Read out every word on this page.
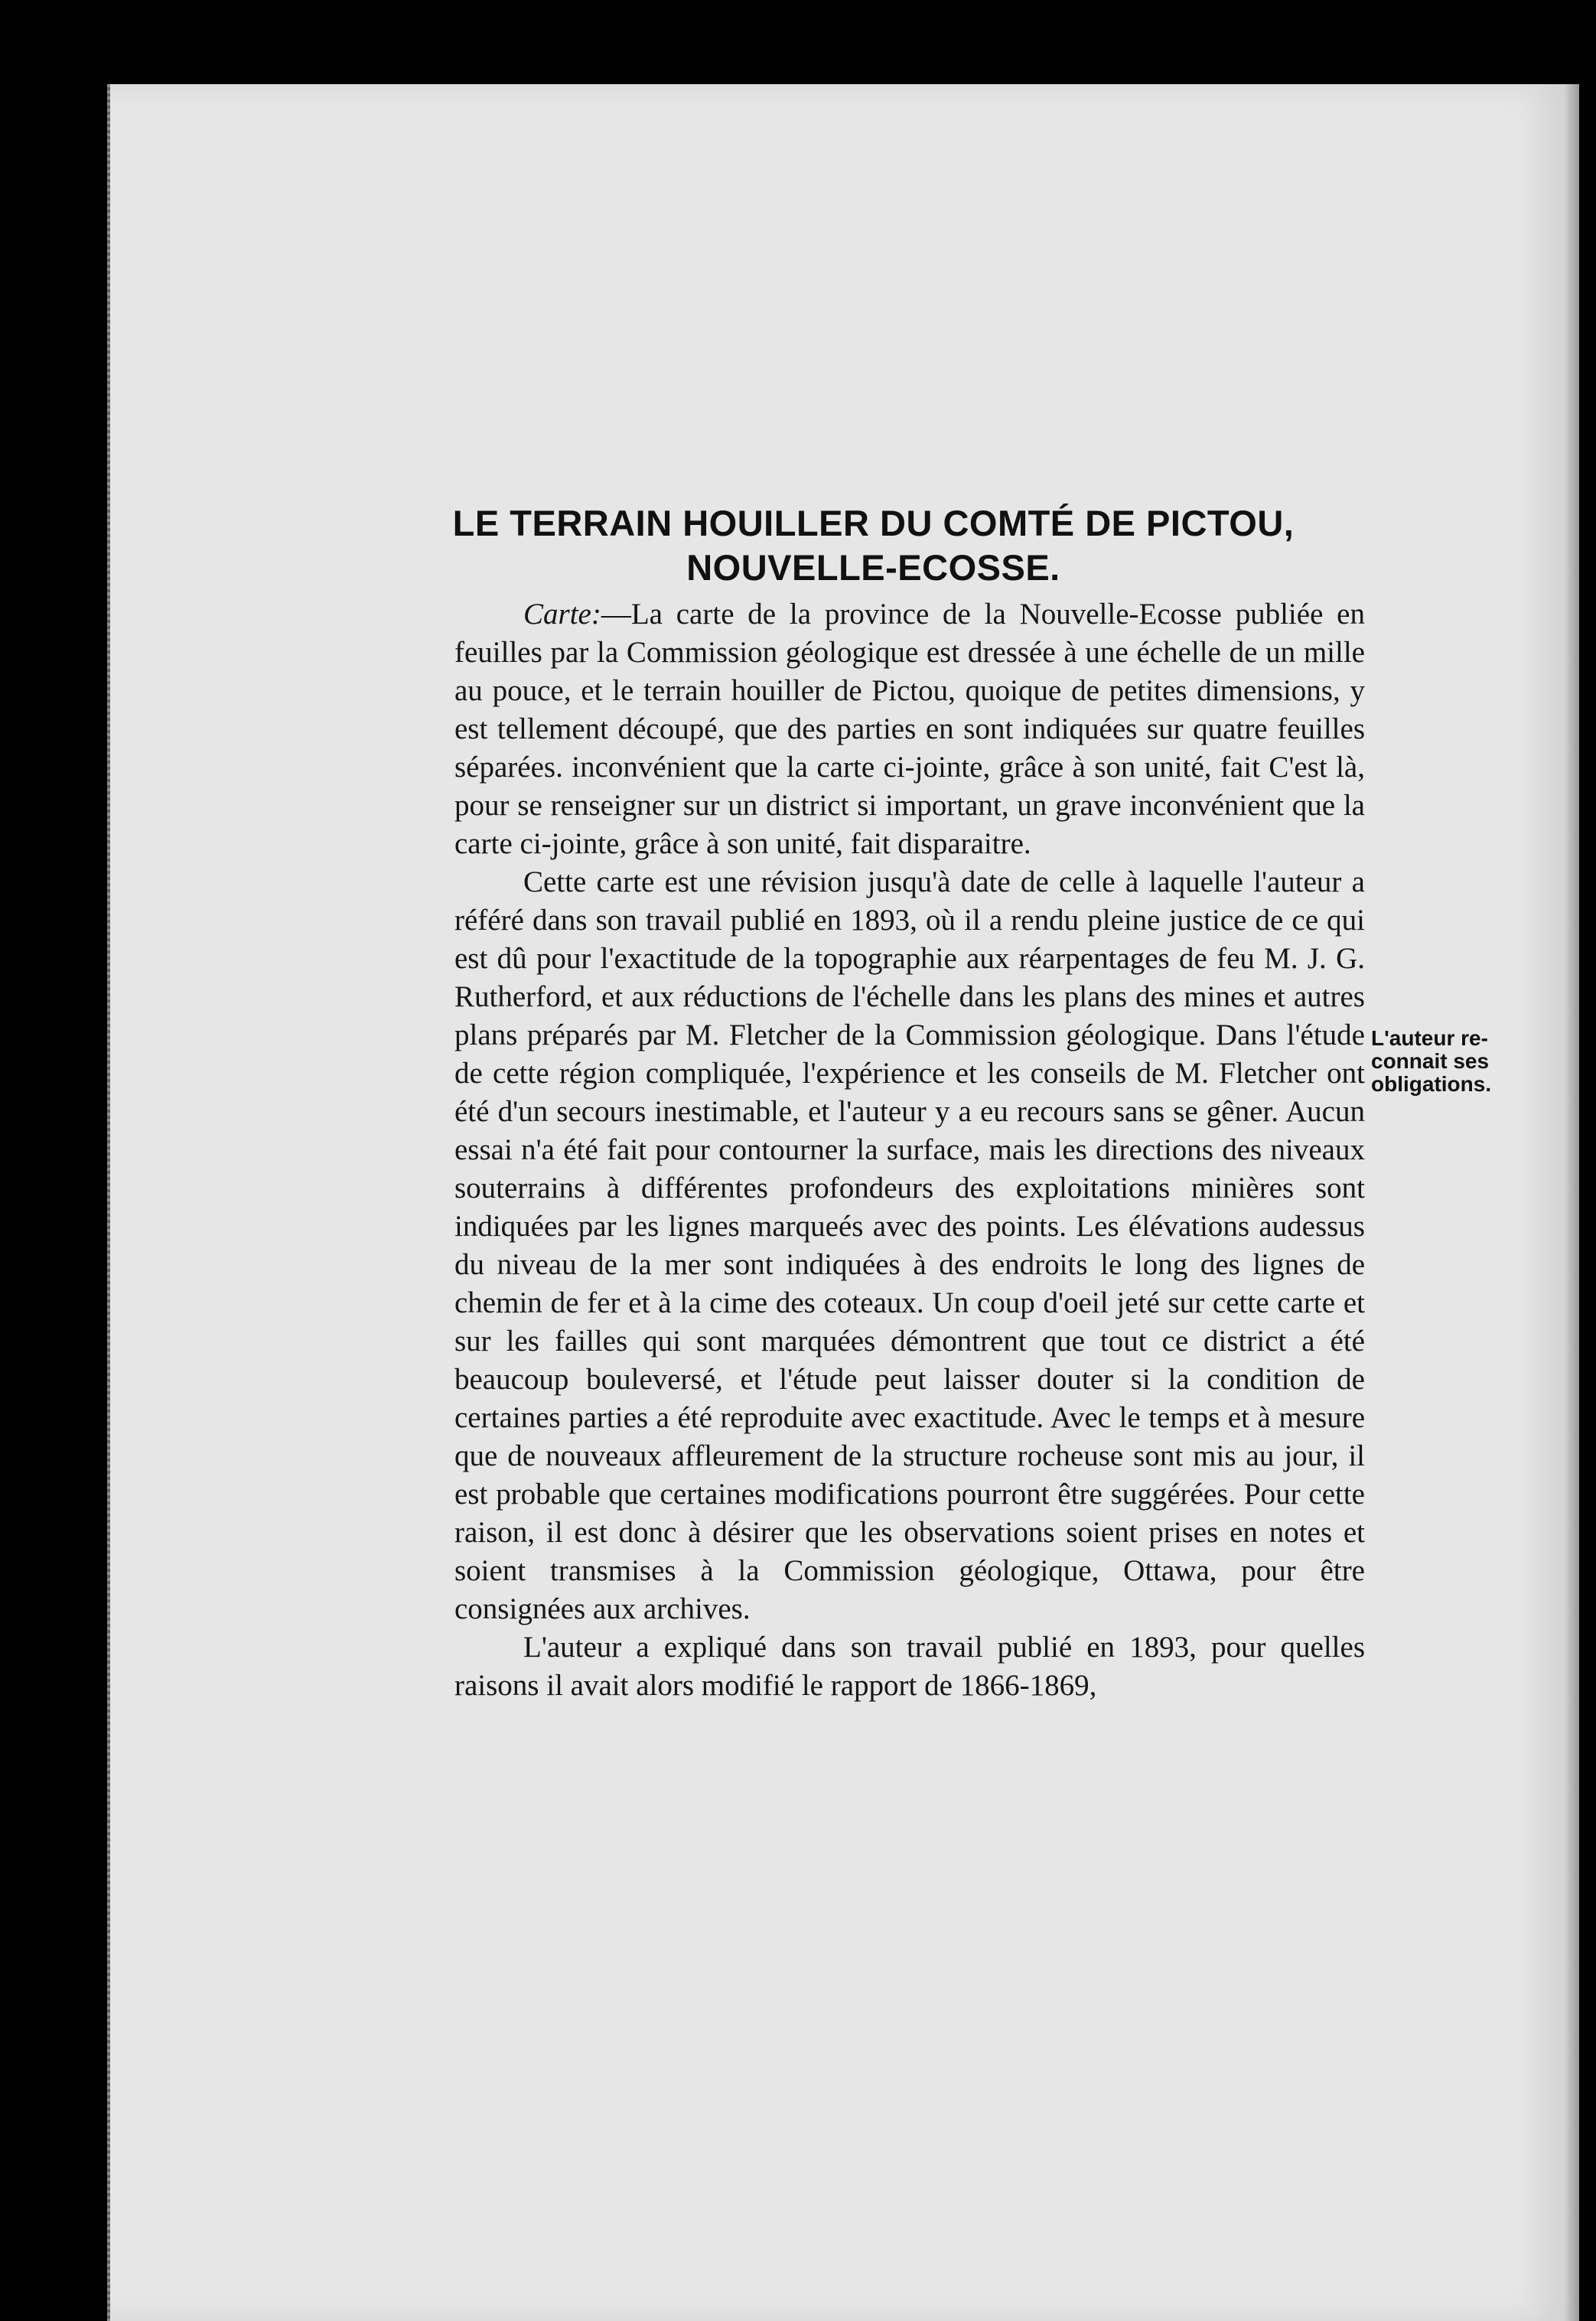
LE TERRAIN HOUILLER DU COMTÉ DE PICTOU,
NOUVELLE-ECOSSE.

Carte:—La carte de la province de la Nouvelle-Ecosse publiée en feuilles par la Commission géologique est dressée à une échelle de un mille au pouce, et le terrain houiller de Pictou, quoique de petites dimensions, y est tellement découpé, que des parties en sont indiquées sur quatre feuilles séparées. inconvénient que la carte ci-jointe, grâce à son unité, fait C'est là, pour se renseigner sur un district si important, un grave inconvénient que la carte ci-jointe, grâce à son unité, fait disparaitre.

Cette carte est une révision jusqu'à date de celle à laquelle l'auteur a référé dans son travail publié en 1893, où il a rendu pleine justice de ce qui est dû pour l'exactitude de la topographie aux réarpentages de feu M. J. G. Rutherford, et aux réductions de l'échelle dans les plans des mines et autres plans préparés par M. Fletcher de la Commission géologique. Dans l'étude de cette région compliquée, l'expérience et les conseils de M. Fletcher ont été d'un secours inestimable, et l'auteur y a eu recours sans se gêner. Aucun essai n'a été fait pour contourner la surface, mais les directions des niveaux souterrains à différentes profondeurs des exploitations minières sont indiquées par les lignes marqueés avec des points. Les élévations audessus du niveau de la mer sont indiquées à des endroits le long des lignes de chemin de fer et à la cime des coteaux. Un coup d'oeil jeté sur cette carte et sur les failles qui sont marquées démontrent que tout ce district a été beaucoup bouleversé, et l'étude peut laisser douter si la condition de certaines parties a été reproduite avec exactitude. Avec le temps et à mesure que de nouveaux affleurement de la structure rocheuse sont mis au jour, il est probable que certaines modifications pourront être suggérées. Pour cette raison, il est donc à désirer que les observations soient prises en notes et soient transmises à la Commission géologique, Ottawa, pour être consignées aux archives.

L'auteur a expliqué dans son travail publié en 1893, pour quelles raisons il avait alors modifié le rapport de 1866-1869,

L'auteur re-
connait ses
obligations.
